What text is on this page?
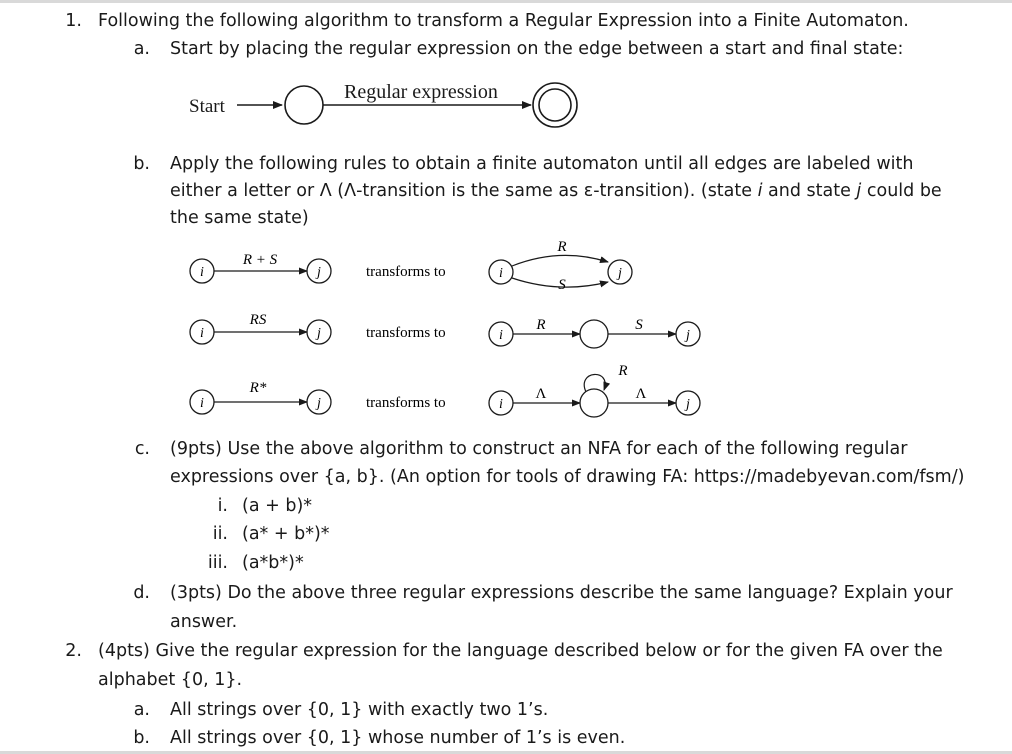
1. Following the following algorithm to transform a Regular Expression into a Finite Automaton.
a. Start by placing the regular expression on the edge between a start and final state:
Start
Regular expression
b. Apply the following rules to obtain a finite automaton until all edges are labeled with
either a letter or Λ (Λ-transition is the same as ε-transition). (state i and state j could be
the same state)
i
R + S
j	transforms to	i
R
S
j
i
RS
j	transforms to	i
R	S
j
i
R*
j	transforms to	i
Λ
R
Λ
j
c. (9pts) Use the above algorithm to construct an NFA for each of the following regular
expressions over {a, b}. (An option for tools of drawing FA: https://madebyevan.com/fsm/)
i. (a + b)*
ii. (a* + b*)*
iii. (a*b*)*
d. (3pts) Do the above three regular expressions describe the same language? Explain your
answer.
2. (4pts) Give the regular expression for the language described below or for the given FA over the
alphabet {0, 1}.
a. All strings over {0, 1} with exactly two 1’s.
b. All strings over {0, 1} whose number of 1’s is even.
